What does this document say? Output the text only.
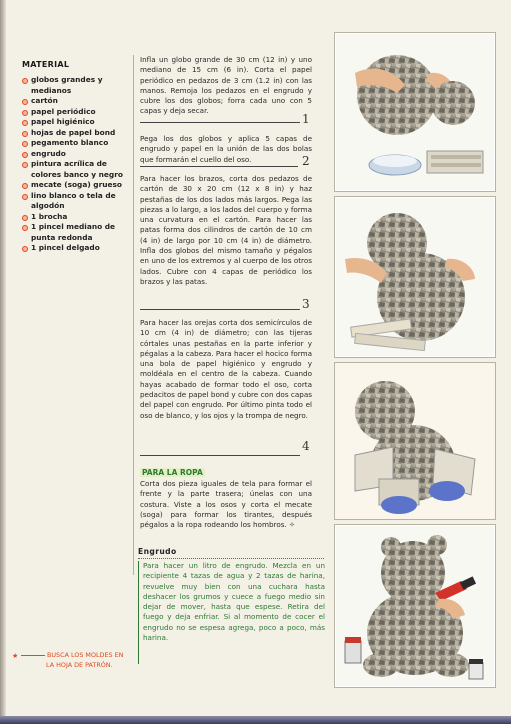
MATERIAL
globos grandes y medianos
cartón
papel periódico
papel higiénico
hojas de papel bond
pegamento blanco
engrudo
pintura acrílica de colores banco y negro
mecate (soga) grueso
lino blanco o tela de algodón
1 brocha
1 pincel mediano de punta redonda
1 pincel delgado
★	BUSCA LOS MOLDES EN
LA HOJA DE PATRÓN.
Infla un globo grande de 30 cm (12 in) y uno mediano de 15 cm (6 in). Corta el papel periódico en pedazos de 3 cm (1.2 in) con las manos. Remoja los pedazos en el engrudo y cubre los dos globos; forra cada uno con 5 capas y deja secar.
1
Pega los dos globos y aplica 5 capas de engrudo y papel en la unión de las dos bolas que formarán el cuello del oso.	2
Para hacer los brazos, corta dos pedazos de cartón de 30 x 20 cm (12 x 8 in) y haz pestañas de los dos lados más largos. Pega las piezas a lo largo, a los lados del cuerpo y forma una curvatura en el cartón. Para hacer las patas forma dos cilindros de cartón de 10 cm (4 in) de largo por 10 cm (4 in) de diámetro. Infla dos globos del mismo tamaño y pégalos en uno de los extremos y al cuerpo de los otros lados. Cubre con 4 capas de periódico los brazos y las patas.
3
Para hacer las orejas corta dos semicírculos de 10 cm (4 in) de diámetro; con las tijeras córtales unas pestañas en la parte inferior y pégalas a la cabeza. Para hacer el hocico forma una bola de papel higiénico y engrudo y moldéala en el centro de la cabeza. Cuando hayas acabado de formar todo el oso, corta pedacitos de papel bond y cubre con dos capas del papel con engrudo. Por último pinta todo el oso de blanco, y los ojos y la trompa de negro.
4
PARA LA ROPA
Corta dos pieza iguales de tela para formar el frente y la parte trasera; únelas con una costura. Viste a los osos y corta el mecate (soga) para formar los tirantes, después pégalos a la ropa rodeando los hombros. ✧
Engrudo
Para hacer un litro de engrudo. Mezcla en un recipiente 4 tazas de agua y 2 tazas de harina, revuelve muy bien con una cuchara hasta deshacer los grumos y cuece a fuego medio sin dejar de mover, hasta que espese. Retira del fuego y deja enfriar. Si al momento de cocer el engrudo no se espesa agrega, poco a poco, más harina.
